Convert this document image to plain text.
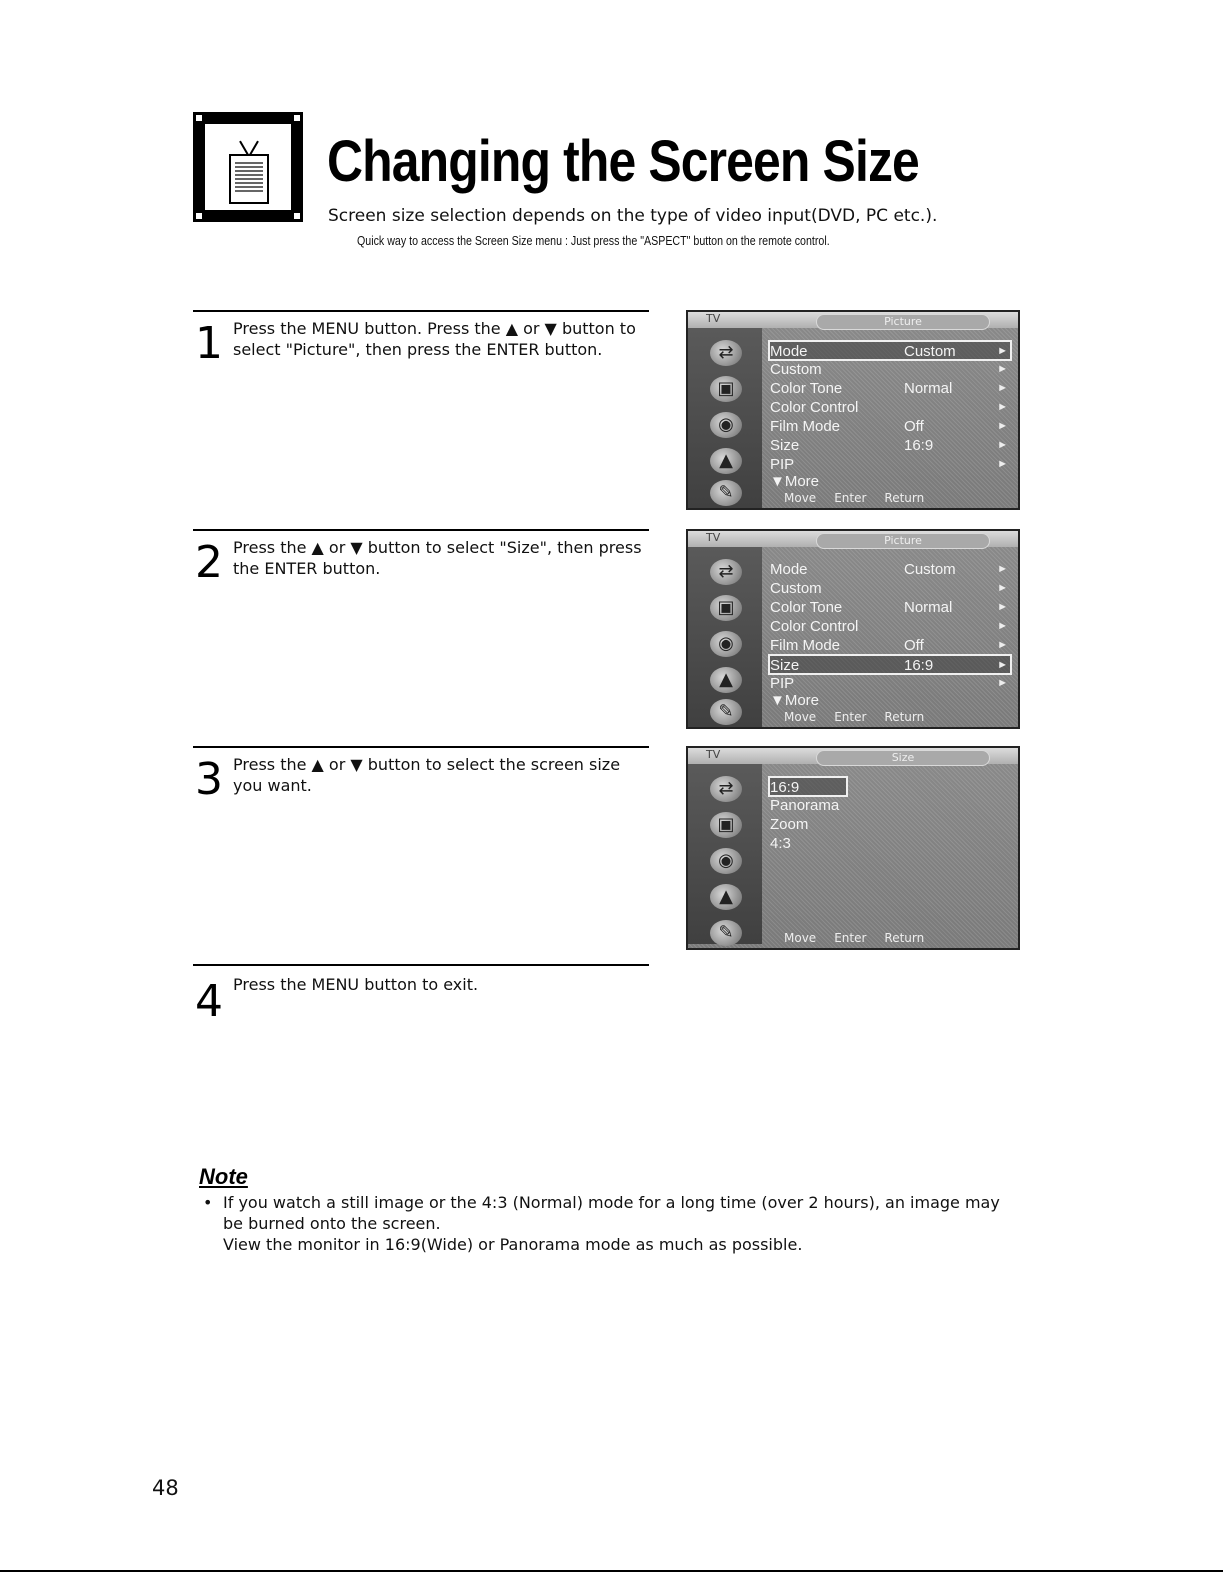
Changing the Screen Size
Screen size selection depends on the type of video input(DVD, PC etc.).
Quick way to access the Screen Size menu : Just press the "ASPECT" button on the remote control.
1 Press the MENU button. Press the ▲ or ▼ button to select "Picture", then press the ENTER button.
2 Press the ▲ or ▼ button to select "Size", then press the ENTER button.
3 Press the ▲ or ▼ button to select the screen size you want.
4 Press the MENU button to exit.
TV	Picture
⇄
▣
◉
▲
✎
Mode	Custom	►
Custom	►
Color Tone	Normal	►
Color Control	►
Film Mode	Off	►
Size	16:9	►
PIP	►
▼More
Move Enter Return
TV	Picture
⇄
▣
◉
▲
✎
Mode	Custom	►
Custom	►
Color Tone	Normal	►
Color Control	►
Film Mode	Off	►
Size	16:9	►
PIP	►
▼More
Move Enter Return
TV	Size
⇄
▣
◉
▲
✎
16:9
Panorama
Zoom
4:3
Move Enter Return
Note
• If you watch a still image or the 4:3 (Normal) mode for a long time (over 2 hours), an image may be burned onto the screen.
View the monitor in 16:9(Wide) or Panorama mode as much as possible.
48
